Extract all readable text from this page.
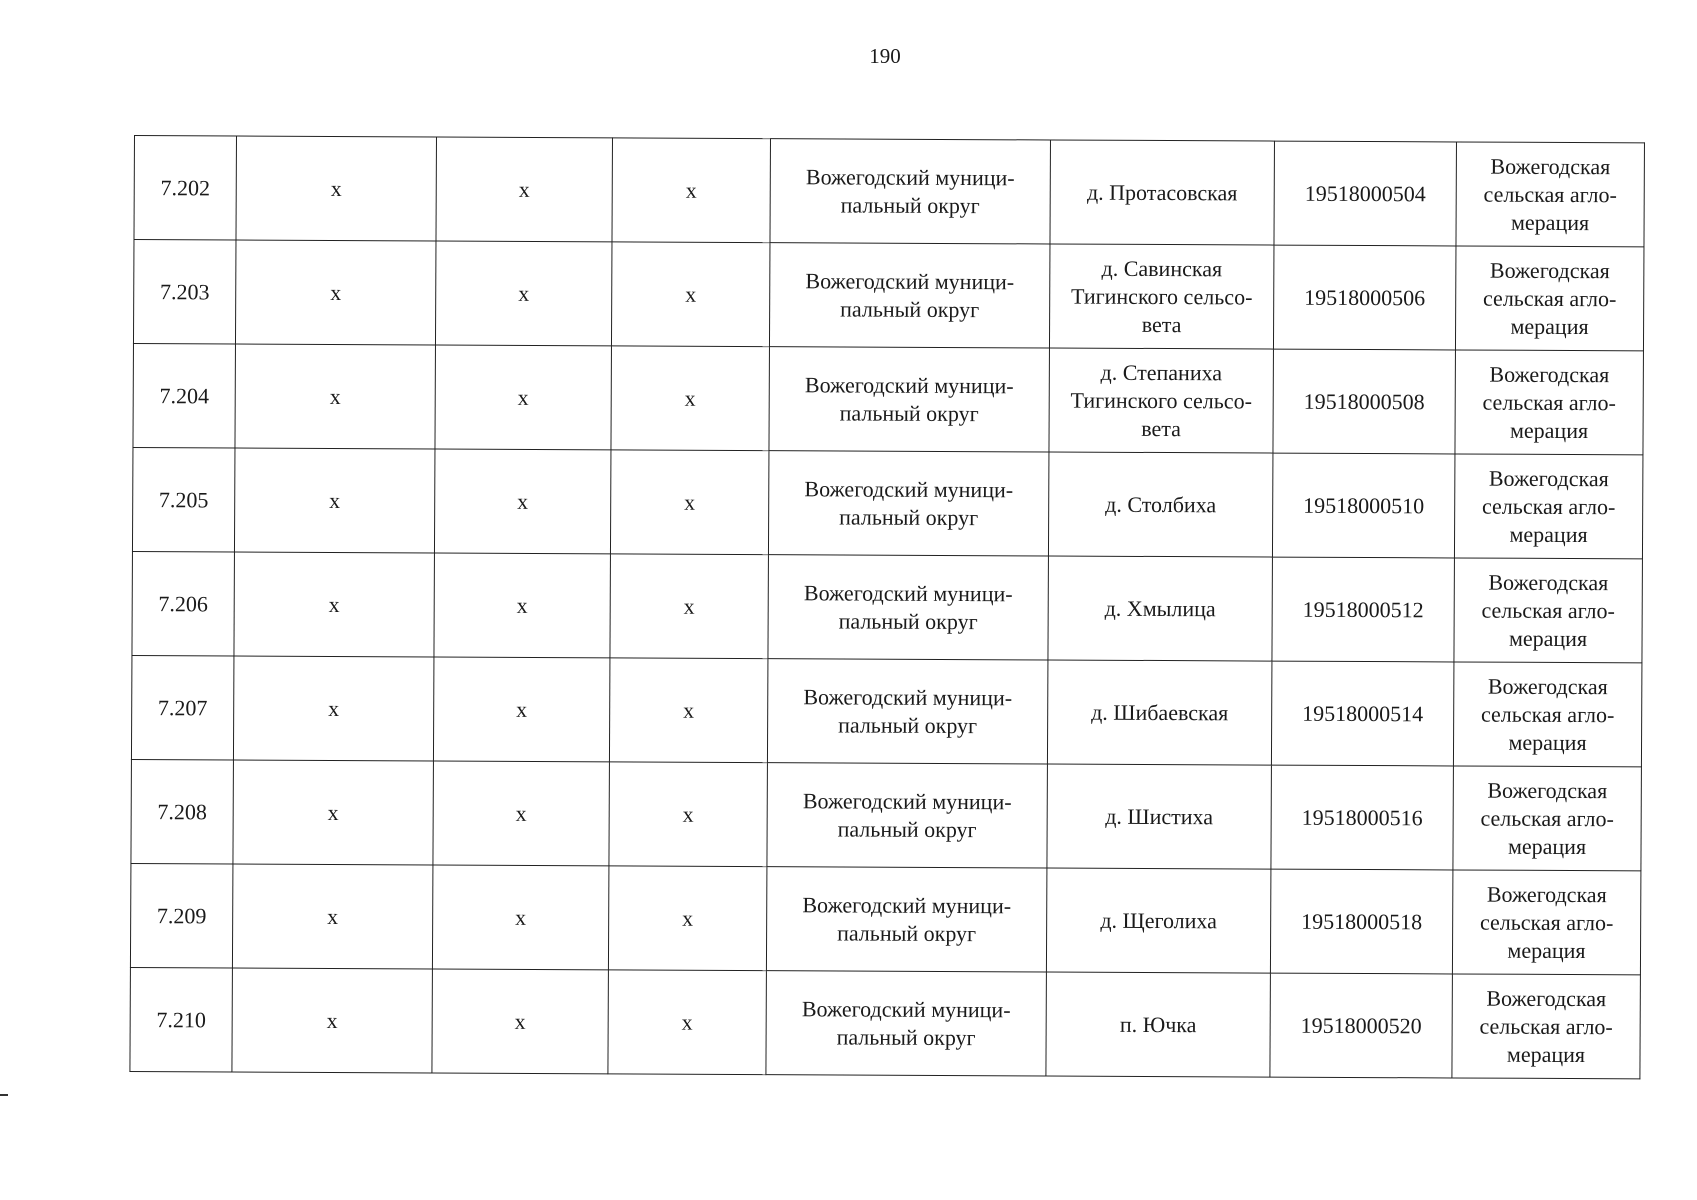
190
7.202	х	х	х	Вожегодский муници-пальный округ	д. Протасовская	19518000504	Вожегодская сельская агло-мерация
7.203	х	х	х	Вожегодский муници-пальный округ	д. Савинская Тигинского сельсо-вета	19518000506	Вожегодская сельская агло-мерация
7.204	х	х	х	Вожегодский муници-пальный округ	д. Степаниха Тигинского сельсо-вета	19518000508	Вожегодская сельская агло-мерация
7.205	х	х	х	Вожегодский муници-пальный округ	д. Столбиха	19518000510	Вожегодская сельская агло-мерация
7.206	х	х	х	Вожегодский муници-пальный округ	д. Хмылица	19518000512	Вожегодская сельская агло-мерация
7.207	х	х	х	Вожегодский муници-пальный округ	д. Шибаевская	19518000514	Вожегодская сельская агло-мерация
7.208	х	х	х	Вожегодский муници-пальный округ	д. Шистиха	19518000516	Вожегодская сельская агло-мерация
7.209	х	х	х	Вожегодский муници-пальный округ	д. Щеголиха	19518000518	Вожегодская сельская агло-мерация
7.210	х	х	х	Вожегодский муници-пальный округ	п. Ючка	19518000520	Вожегодская сельская агло-мерация
